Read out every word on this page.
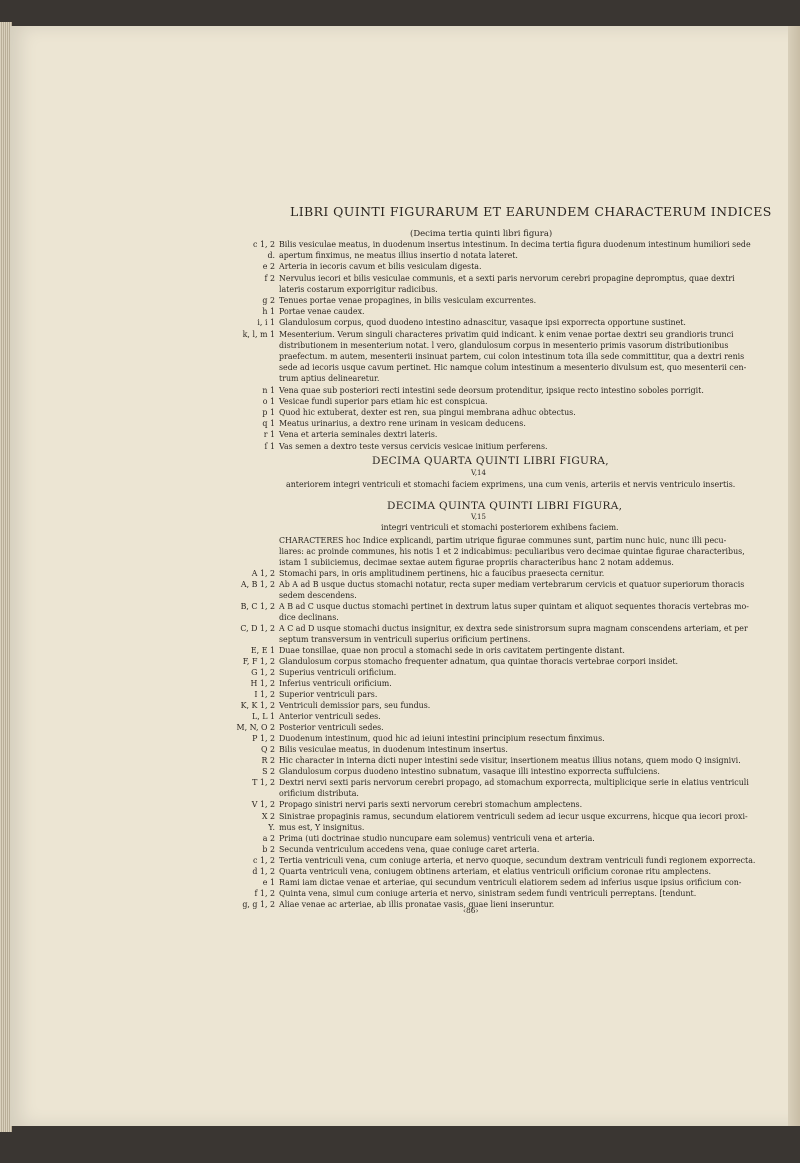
LIBRI QUINTI FIGURARUM ET EARUNDEM CHARACTERUM INDICES
(Decima tertia quinti libri figura)
c 1, 2 Bilis vesiculae meatus, in duodenum insertus intestinum. In decima tertia figura duodenum intestinum humiliori sede
d. apertum finximus, ne meatus illius insertio d notata lateret.
e 2 Arteria in iecoris cavum et bilis vesiculam digesta.
f 2 Nervulus iecori et bilis vesiculae communis, et a sexti paris nervorum cerebri propagine depromptus, quae dextri
lateris costarum exporrigitur radicibus.
g 2 Tenues portae venae propagines, in bilis vesiculam excurrentes.
h 1 Portae venae caudex.
i, i 1 Glandulosum corpus, quod duodeno intestino adnascitur, vasaque ipsi exporrecta opportune sustinet.
k, l, m 1 Mesenterium. Verum singuli characteres privatim quid indicant. k enim venae portae dextri seu grandioris trunci
distributionem in mesenterium notat. l vero, glandulosum corpus in mesenterio primis vasorum distributionibus
praefectum. m autem, mesenterii insinuat partem, cui colon intestinum tota illa sede committitur, qua a dextri renis
sede ad iecoris usque cavum pertinet. Hic namque colum intestinum a mesenterio divulsum est, quo mesenterii cen-
trum aptius delinearetur.
n 1 Vena quae sub posteriori recti intestini sede deorsum protenditur, ipsique recto intestino soboles porrigit.
o 1 Vesicae fundi superior pars etiam hic est conspicua.
p 1 Quod hic extuberat, dexter est ren, sua pingui membrana adhuc obtectus.
q 1 Meatus urinarius, a dextro rene urinam in vesicam deducens.
r 1 Vena et arteria seminales dextri lateris.
ſ 1 Vas semen a dextro teste versus cervicis vesicae initium perferens.
DECIMA QUARTA QUINTI LIBRI FIGURA,
V,14
anteriorem integri ventriculi et stomachi faciem exprimens, una cum venis, arteriis et nervis ventriculo insertis.
DECIMA QUINTA QUINTI LIBRI FIGURA,
V,15
integri ventriculi et stomachi posteriorem exhibens faciem.
CHARACTERES hoc Indice explicandi, partim utrique figurae communes sunt, partim nunc huic, nunc illi pecu-
liares: ac proinde communes, his notis 1 et 2 indicabimus: peculiaribus vero decimae quintae figurae characteribus,
istam 1 subiiciemus, decimae sextae autem figurae propriis characteribus hanc 2 notam addemus.
A 1, 2 Stomachi pars, in oris amplitudinem pertinens, hic a faucibus praesecta cernitur.
A, B 1, 2 Ab A ad B usque ductus stomachi notatur, recta super mediam vertebrarum cervicis et quatuor superiorum thoracis
sedem descendens.
B, C 1, 2 A B ad C usque ductus stomachi pertinet in dextrum latus super quintam et aliquot sequentes thoracis vertebras mo-
dice declinans.
C, D 1, 2 A C ad D usque stomachi ductus insignitur, ex dextra sede sinistrorsum supra magnam conscendens arteriam, et per
septum transversum in ventriculi superius orificium pertinens.
E, E 1 Duae tonsillae, quae non procul a stomachi sede in oris cavitatem pertingente distant.
F, F 1, 2 Glandulosum corpus stomacho frequenter adnatum, qua quintae thoracis vertebrae corpori insidet.
G 1, 2 Superius ventriculi orificium.
H 1, 2 Inferius ventriculi orificium.
I 1, 2 Superior ventriculi pars.
K, K 1, 2 Ventriculi demissior pars, seu fundus.
L, L 1 Anterior ventriculi sedes.
M, N, O 2 Posterior ventriculi sedes.
P 1, 2 Duodenum intestinum, quod hic ad ieiuni intestini principium resectum finximus.
Q 2 Bilis vesiculae meatus, in duodenum intestinum insertus.
R 2 Hic character in interna dicti nuper intestini sede visitur, insertionem meatus illius notans, quem modo Q insignivi.
S 2 Glandulosum corpus duodeno intestino subnatum, vasaque illi intestino exporrecta suffulciens.
T 1, 2 Dextri nervi sexti paris nervorum cerebri propago, ad stomachum exporrecta, multiplicique serie in elatius ventriculi
orificium distributa.
V 1, 2 Propago sinistri nervi paris sexti nervorum cerebri stomachum amplectens.
X 2 Sinistrae propaginis ramus, secundum elatiorem ventriculi sedem ad iecur usque excurrens, hicque qua iecori proxi-
Y. mus est, Y insignitus.
a 2 Prima (uti doctrinae studio nuncupare eam solemus) ventriculi vena et arteria.
b 2 Secunda ventriculum accedens vena, quae coniuge caret arteria.
c 1, 2 Tertia ventriculi vena, cum coniuge arteria, et nervo quoque, secundum dextram ventriculi fundi regionem exporrecta.
d 1, 2 Quarta ventriculi vena, coniugem obtinens arteriam, et elatius ventriculi orificium coronae ritu amplectens.
e 1 Rami iam dictae venae et arteriae, qui secundum ventriculi elatiorem sedem ad inferius usque ipsius orificium con-
f 1, 2 Quinta vena, simul cum coniuge arteria et nervo, sinistram sedem fundi ventriculi perreptans. [tendunt.
g, g 1, 2 Aliae venae ac arteriae, ab illis pronatae vasis, quae lieni inseruntur.
‹86›
